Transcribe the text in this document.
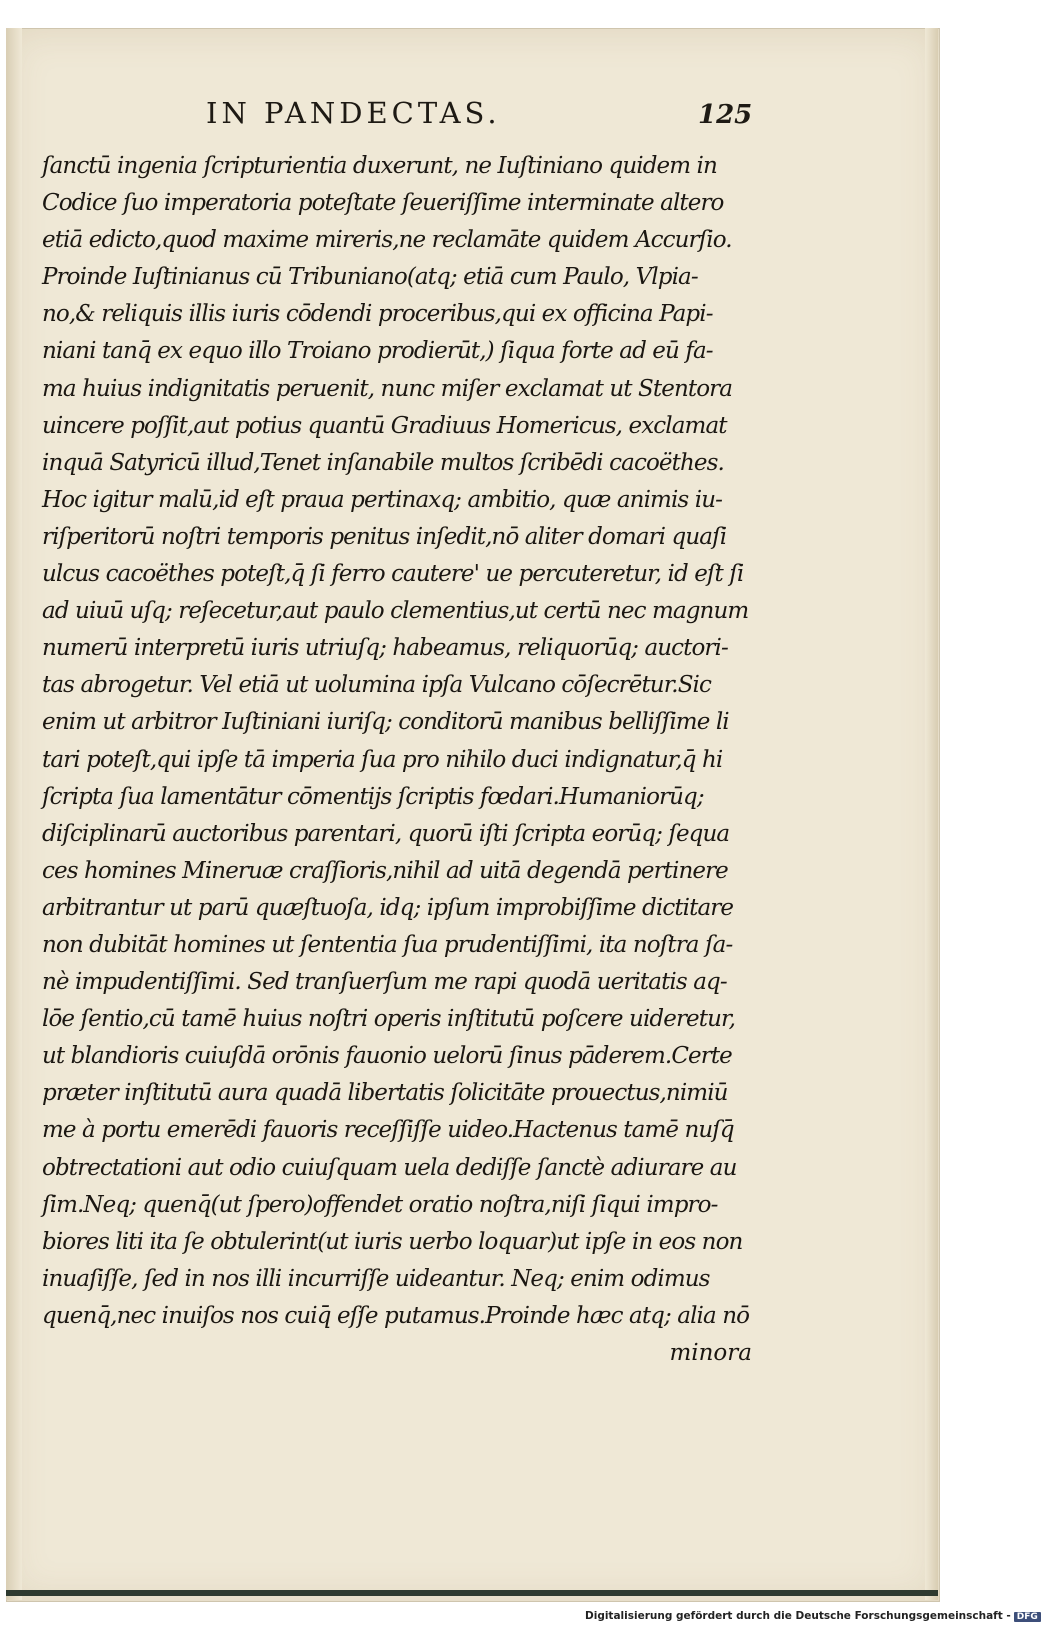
IN PANDECTAS.	125
ſanctū ingenia ſcripturientia duxerunt, ne Iuſtiniano quidem in
Codice ſuo imperatoria poteſtate ſeueriſſime interminate altero
etiā edicto,quod maxime mireris,ne reclamāte quidem Accurſio.
Proinde Iuſtinianus cū Tribuniano(atq; etiā cum Paulo, Vlpia-
no,& reliquis illis iuris cōdendi proceribus,qui ex officina Papi-
niani tanq̄ ex equo illo Troiano prodierūt,) ſiqua forte ad eū fa-
ma huius indignitatis peruenit, nunc miſer exclamat ut Stentora
uincere poſſit,aut potius quantū Gradiuus Homericus, exclamat
inquā Satyricū illud,Tenet inſanabile multos ſcribēdi cacoëthes.
Hoc igitur malū,id eſt praua pertinaxq; ambitio, quæ animis iu-
riſperitorū noſtri temporis penitus inſedit,nō aliter domari quaſi
ulcus cacoëthes poteſt,q̄ ſi ferro cautere' ue percuteretur, id eſt ſi
ad uiuū uſq; reſecetur,aut paulo clementius,ut certū nec magnum
numerū interpretū iuris utriuſq; habeamus, reliquorūq; auctori-
tas abrogetur. Vel etiā ut uolumina ipſa Vulcano cōſecrētur.Sic
enim ut arbitror Iuſtiniani iuriſq; conditorū manibus belliſſime li
tari poteſt,qui ipſe tā imperia ſua pro nihilo duci indignatur,q̄ hi
ſcripta ſua lamentātur cōmentijs ſcriptis fœdari.Humaniorūq;
diſciplinarū auctoribus parentari, quorū iſti ſcripta eorūq; ſequa
ces homines Mineruæ craſſioris,nihil ad uitā degendā pertinere
arbitrantur ut parū quæſtuoſa, idq; ipſum improbiſſime dictitare
non dubitāt homines ut ſententia ſua prudentiſſimi, ita noſtra ſa-
nè impudentiſſimi. Sed tranſuerſum me rapi quodā ueritatis aq-
lōe ſentio,cū tamē huius noſtri operis inſtitutū poſcere uideretur,
ut blandioris cuiuſdā orōnis fauonio uelorū ſinus pāderem.Certe
præter inſtitutū aura quadā libertatis ſolicitāte prouectus,nimiū
me à portu emerēdi fauoris receſſiſſe uideo.Hactenus tamē nuſq̄
obtrectationi aut odio cuiuſquam uela dediſſe ſanctè adiurare au
ſim.Neq; quenq̄(ut ſpero)offendet oratio noſtra,niſi ſiqui impro-
biores liti ita ſe obtulerint(ut iuris uerbo loquar)ut ipſe in eos non
inuaſiſſe, ſed in nos illi incurriſſe uideantur. Neq; enim odimus
quenq̄,nec inuiſos nos cuiq̄ eſſe putamus.Proinde hæc atq; alia nō
minora
Digitalisierung gefördert durch die Deutsche Forschungsgemeinschaft - DFG
